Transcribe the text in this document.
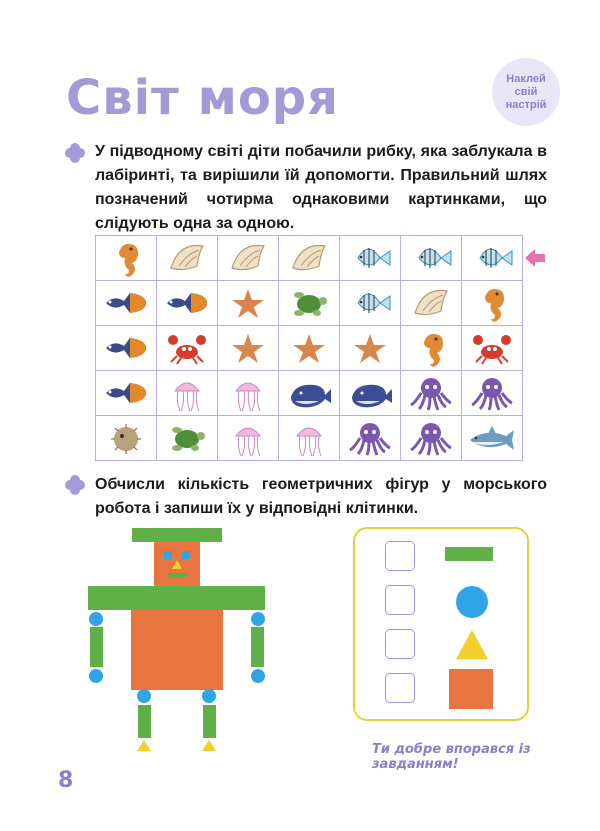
Світ моря	Наклей свій настрій
У підводному світі діти побачили рибку, яка заблукала в лабіринті, та вирішили їй допомогти. Правильний шлях позначений чотирма однаковими картинками, що слідують одна за одною.

Обчисли кількість геометричних фігур у морського робота і запиши їх у відповідні клітинки.
Ти добре впорався із завданням!
8
